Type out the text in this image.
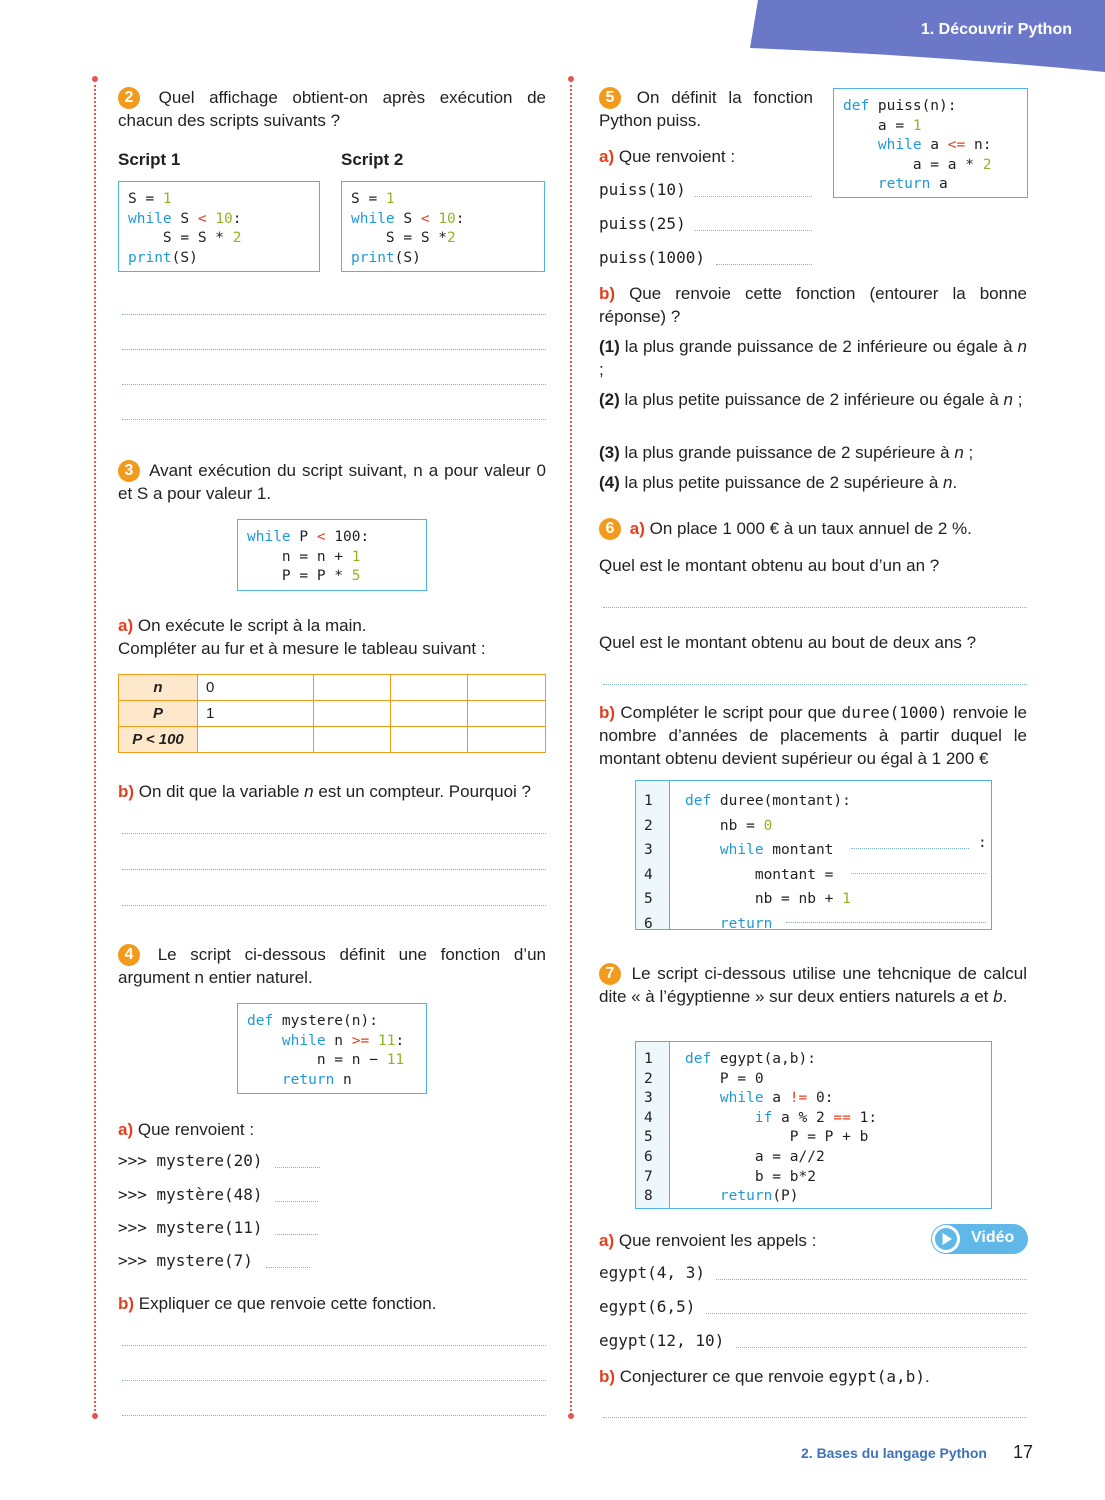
1. Découvrir Python
2 Quel affichage obtient-on après exécution de chacun des scripts suivants ?
Script 1	Script 2
S = 1
while S < 10:
S = S * 2
print(S)
S = 1
while S < 10:
S = S *2
print(S)
3 Avant exécution du script suivant, n a pour valeur 0 et S a pour valeur 1.
while P < 100:
n = n + 1
P = P * 5
a) On exécute le script à la main.
Compléter au fur et à mesure le tableau suivant :
n	0			
P	1			
P < 100				
b) On dit que la variable n est un compteur. Pourquoi ?
4 Le script ci-dessous définit une fonction d’un argument n entier naturel.
def mystere(n):
while n >= 11:
n = n − 11
return n
a) Que renvoient :
>>> mystere(20)
>>> mystère(48)
>>> mystere(11)
>>> mystere(7)
b) Expliquer ce que renvoie cette fonction.
5 On définit la fonction Python puiss.
def puiss(n):
a = 1
while a <= n:
a = a * 2
return a
a) Que renvoient :
puiss(10)
puiss(25)
puiss(1000)
b) Que renvoie cette fonction (entourer la bonne réponse) ?
(1) la plus grande puissance de 2 inférieure ou égale à n ;
(2) la plus petite puissance de 2 inférieure ou égale à n ;
(3) la plus grande puissance de 2 supérieure à n ;
(4) la plus petite puissance de 2 supérieure à n.
6 a) On place 1 000 € à un taux annuel de 2 %.
Quel est le montant obtenu au bout d’un an ?
Quel est le montant obtenu au bout de deux ans ?
b) Compléter le script pour que duree(1000) renvoie le nombre d’années de placements à partir duquel le montant obtenu devient supérieur ou égal à 1 200 €

1
2
3
4
5
6

def duree(montant):
nb = 0
while montant
montant =
nb = nb + 1
return

:

7 Le script ci-dessous utilise une tehcnique de calcul dite « à l’égyptienne » sur deux entiers naturels a et b.

1
2
3
4
5
6
7
8

def egypt(a,b):
P = 0
while a != 0:
if a % 2 == 1:
P = P + b
a = a//2
b = b*2
return(P)

a) Que renvoient les appels :	Vidéo
egypt(4, 3)
egypt(6,5)
egypt(12, 10)
b) Conjecturer ce que renvoie egypt(a,b).
2. Bases du langage Python 17
